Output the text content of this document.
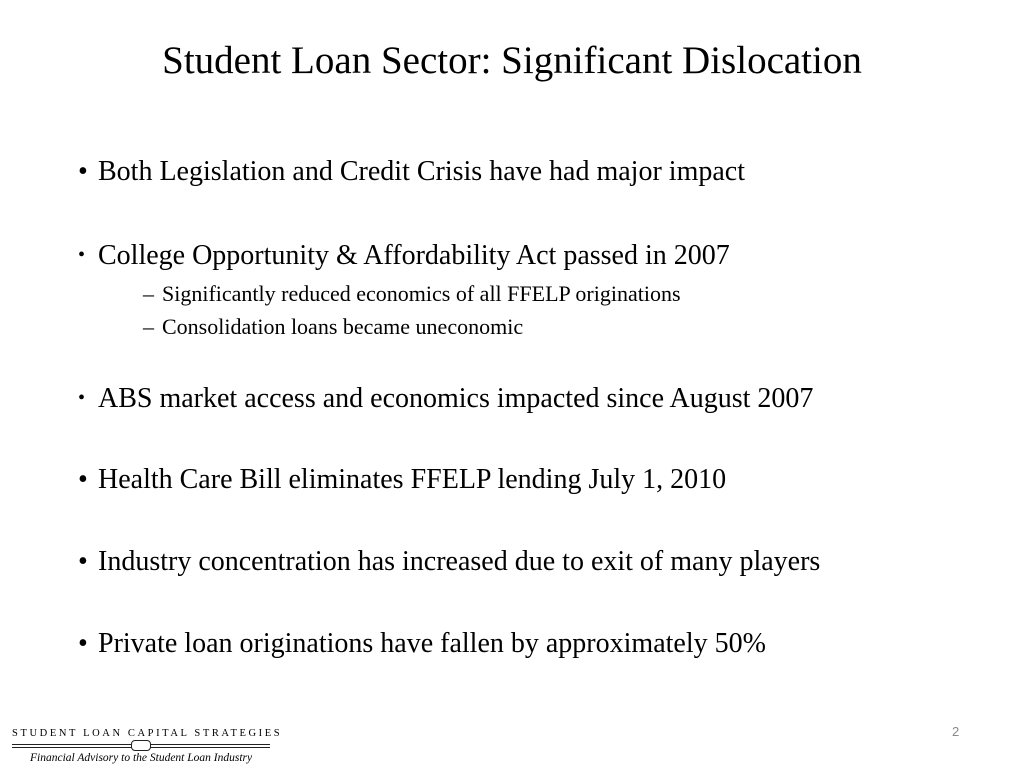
Student Loan Sector: Significant Dislocation
• Both Legislation and Credit Crisis have had major impact
• College Opportunity & Affordability Act passed in 2007
– Significantly reduced economics of all FFELP originations
– Consolidation loans became uneconomic
• ABS market access and economics impacted since August 2007
• Health Care Bill eliminates FFELP lending July 1, 2010
• Industry concentration has increased due to exit of many players
• Private loan originations have fallen by approximately 50%
STUDENT LOAN CAPITAL STRATEGIES
Financial Advisory to the Student Loan Industry
2
